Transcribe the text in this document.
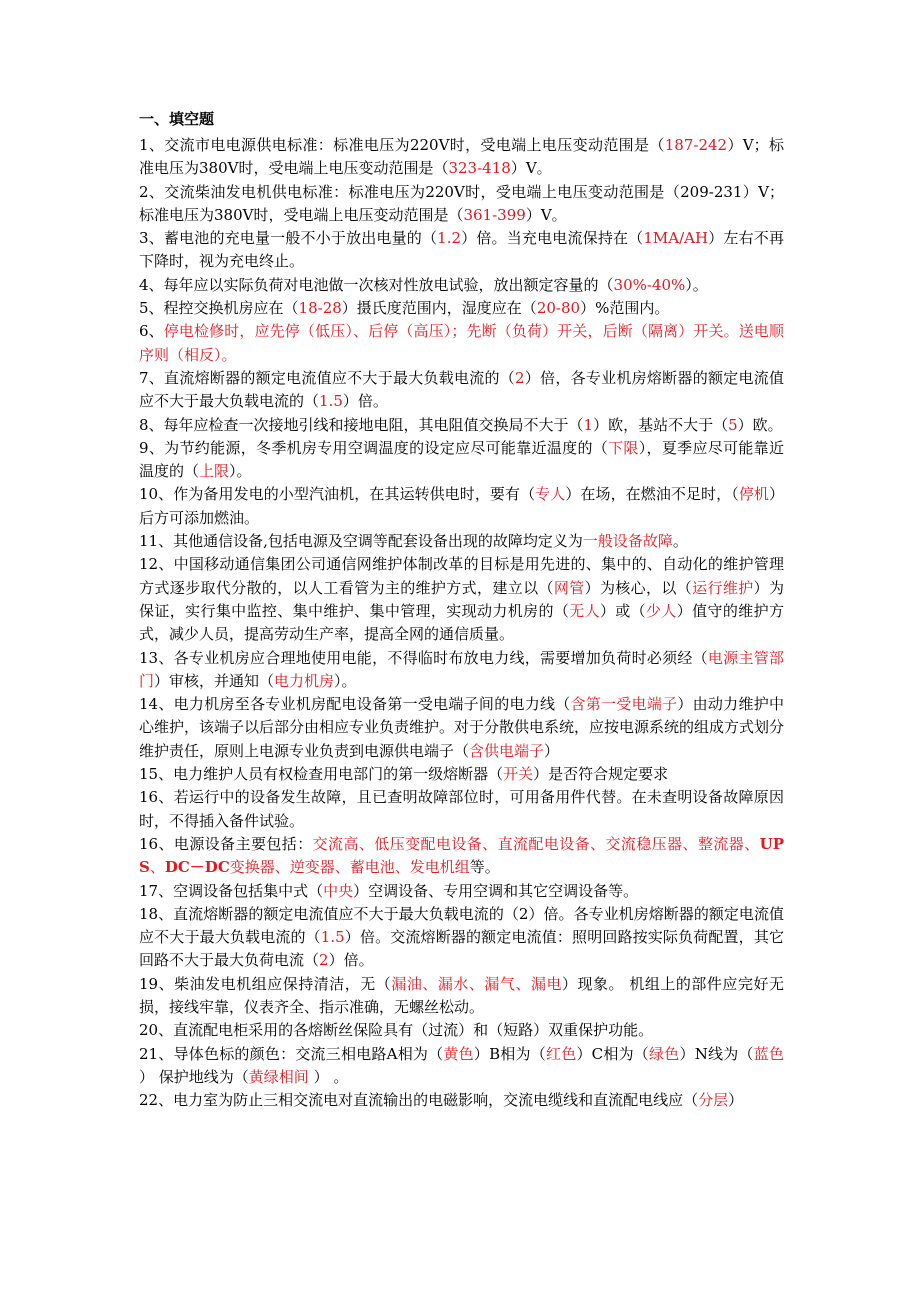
一、填空题
1、交流市电电源供电标准：标准电压为220V时，受电端上电压变动范围是（187-242）V；标准电压为380V时，受电端上电压变动范围是（323-418）V。
2、交流柴油发电机供电标准：标准电压为220V时，受电端上电压变动范围是（209-231）V；标准电压为380V时，受电端上电压变动范围是（361-399）V。
3、蓄电池的充电量一般不小于放出电量的（1.2）倍。当充电电流保持在（1MA/AH）左右不再下降时，视为充电终止。
4、每年应以实际负荷对电池做一次核对性放电试验，放出额定容量的（30%-40%）。
5、程控交换机房应在（18-28）摄氏度范围内，湿度应在（20-80）%范围内。
6、停电检修时，应先停（低压）、后停（高压）；先断（负荷）开关，后断（隔离）开关。送电顺序则（相反）。
7、直流熔断器的额定电流值应不大于最大负载电流的（2）倍，各专业机房熔断器的额定电流值应不大于最大负载电流的（1.5）倍。
8、每年应检查一次接地引线和接地电阻，其电阻值交换局不大于（1）欧，基站不大于（5）欧。
9、为节约能源，冬季机房专用空调温度的设定应尽可能靠近温度的（下限），夏季应尽可能靠近温度的（上限）。
10、作为备用发电的小型汽油机，在其运转供电时，要有（专人）在场，在燃油不足时，（停机）后方可添加燃油。
11、其他通信设备,包括电源及空调等配套设备出现的故障均定义为一般设备故障。
12、中国移动通信集团公司通信网维护体制改革的目标是用先进的、集中的、自动化的维护管理方式逐步取代分散的，以人工看管为主的维护方式，建立以（网管）为核心，以（运行维护）为保证，实行集中监控、集中维护、集中管理，实现动力机房的（无人）或（少人）值守的维护方式，减少人员，提高劳动生产率，提高全网的通信质量。
13、各专业机房应合理地使用电能，不得临时布放电力线，需要增加负荷时必须经（电源主管部门）审核，并通知（电力机房）。
14、电力机房至各专业机房配电设备第一受电端子间的电力线（含第一受电端子）由动力维护中心维护，该端子以后部分由相应专业负责维护。对于分散供电系统，应按电源系统的组成方式划分维护责任，原则上电源专业负责到电源供电端子（含供电端子）
15、电力维护人员有权检查用电部门的第一级熔断器（开关）是否符合规定要求
16、若运行中的设备发生故障，且已查明故障部位时，可用备用件代替。在未查明设备故障原因时，不得插入备件试验。
16、电源设备主要包括：交流高、低压变配电设备、直流配电设备、交流稳压器、整流器、UPS、DC－DC变换器、逆变器、蓄电池、发电机组等。
17、空调设备包括集中式（中央）空调设备、专用空调和其它空调设备等。
18、直流熔断器的额定电流值应不大于最大负载电流的（2）倍。各专业机房熔断器的额定电流值应不大于最大负载电流的（1.5）倍。交流熔断器的额定电流值：照明回路按实际负荷配置，其它回路不大于最大负荷电流（2）倍。
19、柴油发电机组应保持清洁，无（漏油、漏水、漏气、漏电）现象。 机组上的部件应完好无损，接线牢靠，仪表齐全、指示准确，无螺丝松动。
20、直流配电柜采用的各熔断丝保险具有（过流）和（短路）双重保护功能。
21、导体色标的颜色：交流三相电路A相为（黄色）B相为（红色）C相为（绿色）N线为（蓝色 ） 保护地线为（黄绿相间 ） 。
22、电力室为防止三相交流电对直流输出的电磁影响，交流电缆线和直流配电线应（分层）
